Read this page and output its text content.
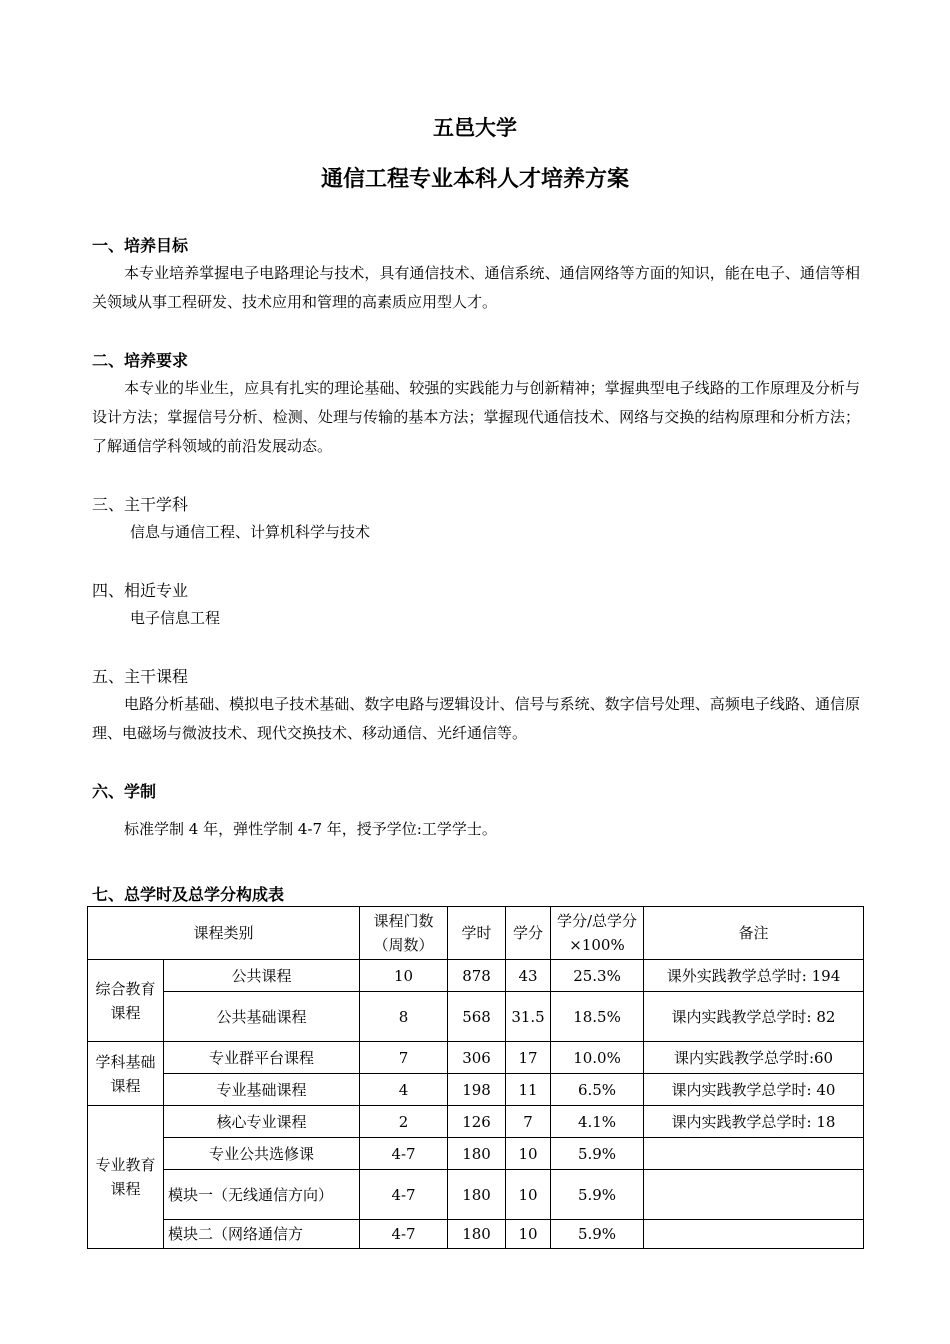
五邑大学
通信工程专业本科人才培养方案
一、培养目标
本专业培养掌握电子电路理论与技术，具有通信技术、通信系统、通信网络等方面的知识，能在电子、通信等相关领域从事工程研发、技术应用和管理的高素质应用型人才。
二、培养要求
本专业的毕业生，应具有扎实的理论基础、较强的实践能力与创新精神；掌握典型电子线路的工作原理及分析与设计方法；掌握信号分析、检测、处理与传输的基本方法；掌握现代通信技术、网络与交换的结构原理和分析方法；了解通信学科领域的前沿发展动态。
三、主干学科
信息与通信工程、计算机科学与技术
四、相近专业
电子信息工程
五、主干课程
电路分析基础、模拟电子技术基础、数字电路与逻辑设计、信号与系统、数字信号处理、高频电子线路、通信原理、电磁场与微波技术、现代交换技术、移动通信、光纤通信等。
六、学制
标准学制 4 年，弹性学制 4-7 年，授予学位:工学学士。
七、总学时及总学分构成表
课程类别		课程门数（周数）	学时	学分	学分/总学分×100%	备注
综合教育课程	公共课程	10	878	43	25.3%	课外实践教学总学时: 194
	公共基础课程	8	568	31.5	18.5%	课内实践教学总学时: 82
学科基础课程	专业群平台课程	7	306	17	10.0%	课内实践教学总学时:60
	专业基础课程	4	198	11	6.5%	课内实践教学总学时: 40
专业教育课程	核心专业课程	2	126	7	4.1%	课内实践教学总学时: 18
	专业公共选修课	4-7	180	10	5.9%	
	模块一（无线通信方向）	4-7	180	10	5.9%	
	模块二（网络通信方	4-7	180	10	5.9%	
